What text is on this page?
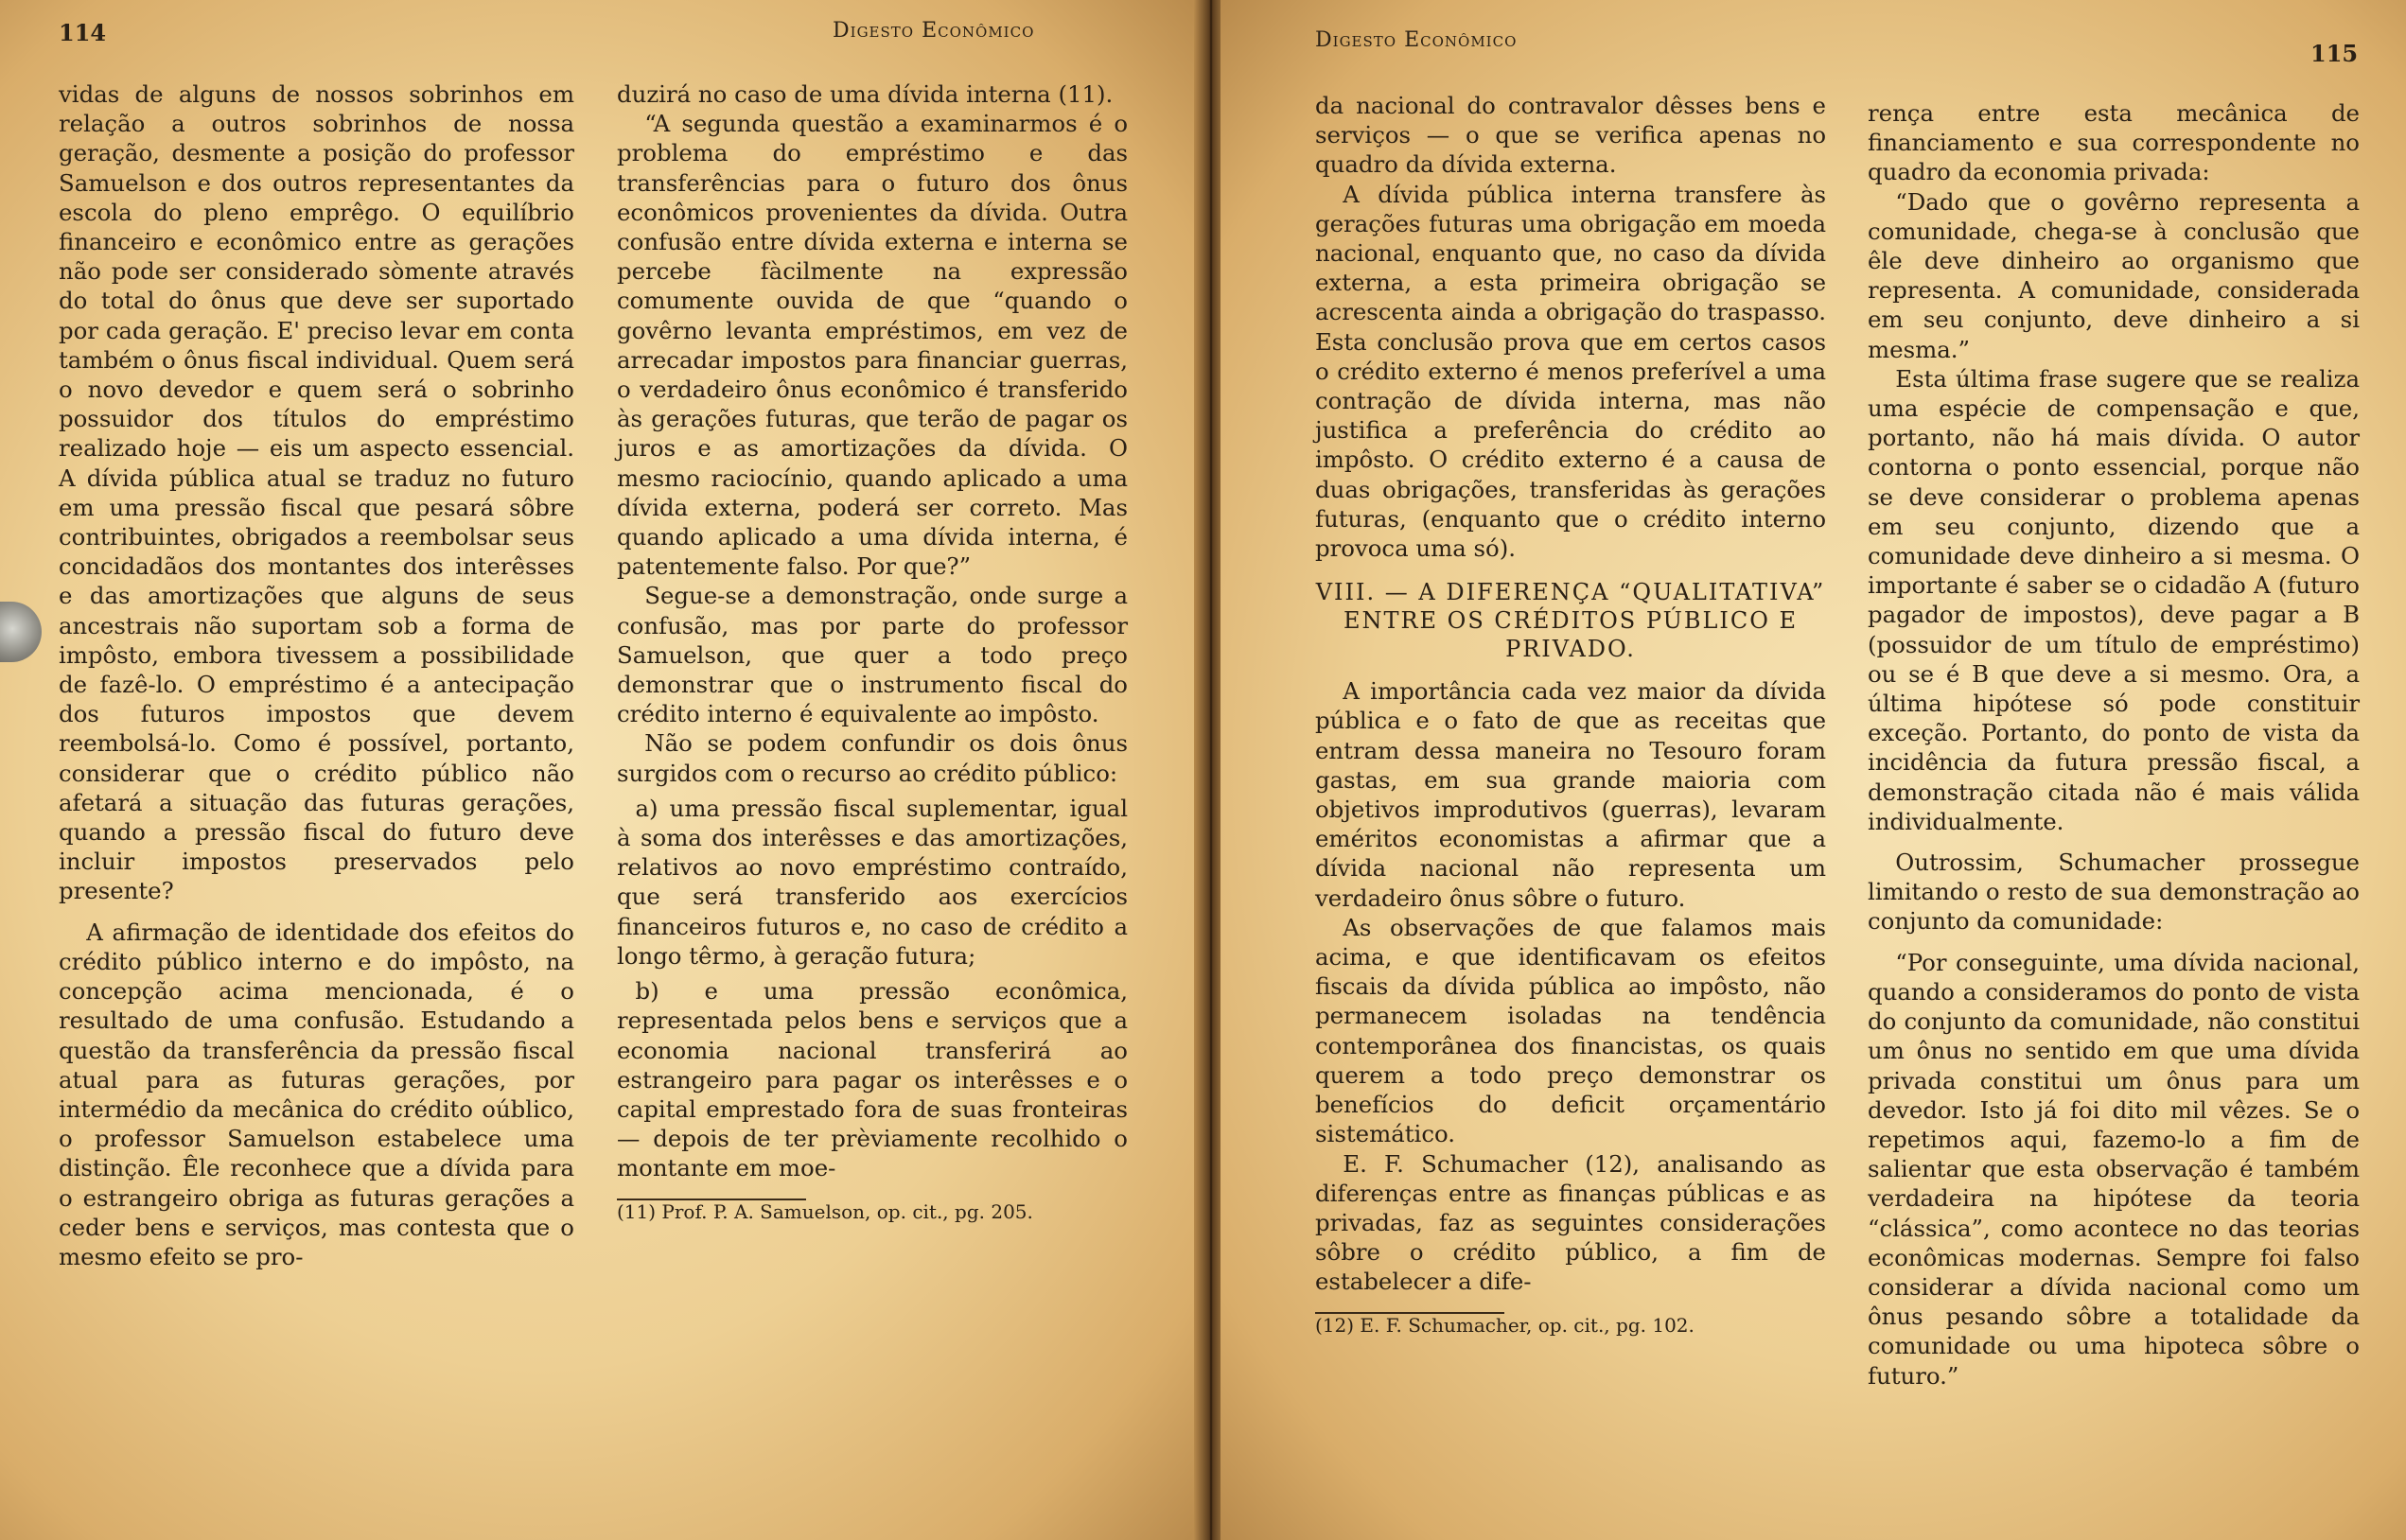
114	Digesto Econômico

vidas de alguns de nossos sobrinhos em relação a outros sobrinhos de nossa geração, desmente a posição do professor Samuelson e dos outros representantes da escola do pleno emprêgo. O equilíbrio financeiro e econômico entre as gerações não pode ser considerado sòmente através do total do ônus que deve ser suportado por cada geração. E' preciso levar em conta também o ônus fiscal individual. Quem será o novo devedor e quem será o sobrinho possuidor dos títulos do empréstimo realizado hoje — eis um aspecto essencial. A dívida pública atual se traduz no futuro em uma pressão fiscal que pesará sôbre contribuintes, obrigados a reembolsar seus concidadãos dos montantes dos interêsses e das amortizações que alguns de seus ancestrais não suportam sob a forma de impôsto, embora tivessem a possibilidade de fazê-lo. O empréstimo é a antecipação dos futuros impostos que devem reembolsá-lo. Como é possível, portanto, considerar que o crédito público não afetará a situação das futuras gerações, quando a pressão fiscal do futuro deve incluir impostos preservados pelo presente?

A afirmação de identidade dos efeitos do crédito público interno e do impôsto, na concepção acima mencionada, é o resultado de uma confusão. Estudando a questão da transferência da pressão fiscal atual para as futuras gerações, por intermédio da mecânica do crédito oúblico, o professor Samuelson estabelece uma distinção. Êle reconhece que a dívida para o estrangeiro obriga as futuras gerações a ceder bens e serviços, mas contesta que o mesmo efeito se pro-

duzirá no caso de uma dívida interna (11).

“A segunda questão a examinarmos é o problema do empréstimo e das transferências para o futuro dos ônus econômicos provenientes da dívida. Outra confusão entre dívida externa e interna se percebe fàcilmente na expressão comumente ouvida de que “quando o govêrno levanta empréstimos, em vez de arrecadar impostos para financiar guerras, o verdadeiro ônus econômico é transferido às gerações futuras, que terão de pagar os juros e as amortizações da dívida. O mesmo raciocínio, quando aplicado a uma dívida externa, poderá ser correto. Mas quando aplicado a uma dívida interna, é patentemente falso. Por que?”

Segue-se a demonstração, onde surge a confusão, mas por parte do professor Samuelson, que quer a todo preço demonstrar que o instrumento fiscal do crédito interno é equivalente ao impôsto.

Não se podem confundir os dois ônus surgidos com o recurso ao crédito público:

a) uma pressão fiscal suplementar, igual à soma dos interêsses e das amortizações, relativos ao novo empréstimo contraído, que será transferido aos exercícios financeiros futuros e, no caso de crédito a longo têrmo, à geração futura;

b) e uma pressão econômica, representada pelos bens e serviços que a economia nacional transferirá ao estrangeiro para pagar os interêsses e o capital emprestado fora de suas fronteiras — depois de ter prèviamente recolhido o montante em moe-

(11) Prof. P. A. Samuelson, op. cit., pg. 205.

Digesto Econômico	115

da nacional do contravalor dêsses bens e serviços — o que se verifica apenas no quadro da dívida externa.

A dívida pública interna transfere às gerações futuras uma obrigação em moeda nacional, enquanto que, no caso da dívida externa, a esta primeira obrigação se acrescenta ainda a obrigação do traspasso. Esta conclusão prova que em certos casos o crédito externo é menos preferível a uma contração de dívida interna, mas não justifica a preferência do crédito ao impôsto. O crédito externo é a causa de duas obrigações, transferidas às gerações futuras, (enquanto que o crédito interno provoca uma só).

VIII. — A DIFERENÇA “QUALITATIVA” ENTRE OS CRÉDITOS PÚBLICO E PRIVADO.

A importância cada vez maior da dívida pública e o fato de que as receitas que entram dessa maneira no Tesouro foram gastas, em sua grande maioria com objetivos improdutivos (guerras), levaram eméritos economistas a afirmar que a dívida nacional não representa um verdadeiro ônus sôbre o futuro.

As observações de que falamos mais acima, e que identificavam os efeitos fiscais da dívida pública ao impôsto, não permanecem isoladas na tendência contemporânea dos financistas, os quais querem a todo preço demonstrar os benefícios do deficit orçamentário sistemático.

E. F. Schumacher (12), analisando as diferenças entre as finanças públicas e as privadas, faz as seguintes considerações sôbre o crédito público, a fim de estabelecer a dife-

(12) E. F. Schumacher, op. cit., pg. 102.

rença entre esta mecânica de financiamento e sua correspondente no quadro da economia privada:

“Dado que o govêrno representa a comunidade, chega-se à conclusão que êle deve dinheiro ao organismo que representa. A comunidade, considerada em seu conjunto, deve dinheiro a si mesma.”

Esta última frase sugere que se realiza uma espécie de compensação e que, portanto, não há mais dívida. O autor contorna o ponto essencial, porque não se deve considerar o problema apenas em seu conjunto, dizendo que a comunidade deve dinheiro a si mesma. O importante é saber se o cidadão A (futuro pagador de impostos), deve pagar a B (possuidor de um título de empréstimo) ou se é B que deve a si mesmo. Ora, a última hipótese só pode constituir exceção. Portanto, do ponto de vista da incidência da futura pressão fiscal, a demonstração citada não é mais válida individualmente.

Outrossim, Schumacher prossegue limitando o resto de sua demonstração ao conjunto da comunidade:

“Por conseguinte, uma dívida nacional, quando a consideramos do ponto de vista do conjunto da comunidade, não constitui um ônus no sentido em que uma dívida privada constitui um ônus para um devedor. Isto já foi dito mil vêzes. Se o repetimos aqui, fazemo-lo a fim de salientar que esta observação é também verdadeira na hipótese da teoria “clássica”, como acontece no das teorias econômicas modernas. Sempre foi falso considerar a dívida nacional como um ônus pesando sôbre a totalidade da comunidade ou uma hipoteca sôbre o futuro.”
